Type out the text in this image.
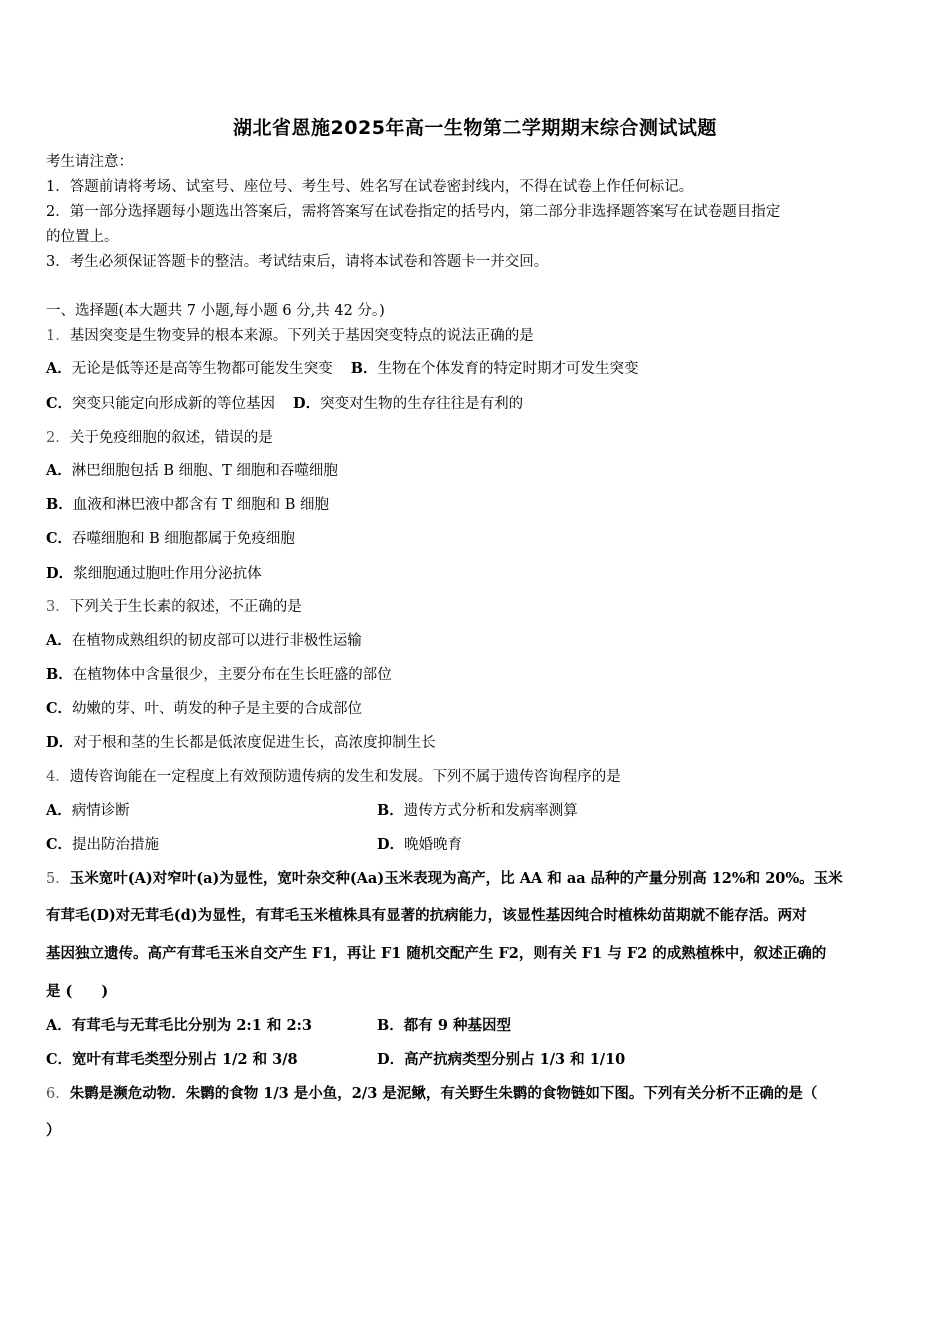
湖北省恩施2025年高一生物第二学期期末综合测试试题
考生请注意：
1．答题前请将考场、试室号、座位号、考生号、姓名写在试卷密封线内，不得在试卷上作任何标记。
2．第一部分选择题每小题选出答案后，需将答案写在试卷指定的括号内，第二部分非选择题答案写在试卷题目指定
的位置上。
3．考生必须保证答题卡的整洁。考试结束后，请将本试卷和答题卡一并交回。
一、选择题(本大题共 7 小题,每小题 6 分,共 42 分。)
1．基因突变是生物变异的根本来源。下列关于基因突变特点的说法正确的是
A．无论是低等还是高等生物都可能发生突变 B．生物在个体发育的特定时期才可发生突变
C．突变只能定向形成新的等位基因 D．突变对生物的生存往往是有利的
2．关于免疫细胞的叙述，错误的是
A．淋巴细胞包括 B 细胞、T 细胞和吞噬细胞
B．血液和淋巴液中都含有 T 细胞和 B 细胞
C．吞噬细胞和 B 细胞都属于免疫细胞
D．浆细胞通过胞吐作用分泌抗体
3．下列关于生长素的叙述，不正确的是
A．在植物成熟组织的韧皮部可以进行非极性运输
B．在植物体中含量很少，主要分布在生长旺盛的部位
C．幼嫩的芽、叶、萌发的种子是主要的合成部位
D．对于根和茎的生长都是低浓度促进生长，高浓度抑制生长
4．遗传咨询能在一定程度上有效预防遗传病的发生和发展。下列不属于遗传咨询程序的是
A．病情诊断	B．遗传方式分析和发病率测算
C．提出防治措施	D．晚婚晚育
5．玉米宽叶(A)对窄叶(a)为显性，宽叶杂交种(Aa)玉米表现为高产，比 AA 和 aa 品种的产量分别高 12%和 20%。玉米
有茸毛(D)对无茸毛(d)为显性，有茸毛玉米植株具有显著的抗病能力，该显性基因纯合时植株幼苗期就不能存活。两对
基因独立遗传。高产有茸毛玉米自交产生 F1，再让 F1 随机交配产生 F2，则有关 F1 与 F2 的成熟植株中，叙述正确的
是 (　　)
A．有茸毛与无茸毛比分别为 2:1 和 2:3	B．都有 9 种基因型
C．宽叶有茸毛类型分别占 1/2 和 3/8	D．高产抗病类型分别占 1/3 和 1/10
6．朱鹮是濒危动物．朱鹮的食物 1/3 是小鱼，2/3 是泥鳅，有关野生朱鹮的食物链如下图。下列有关分析不正确的是（
）
